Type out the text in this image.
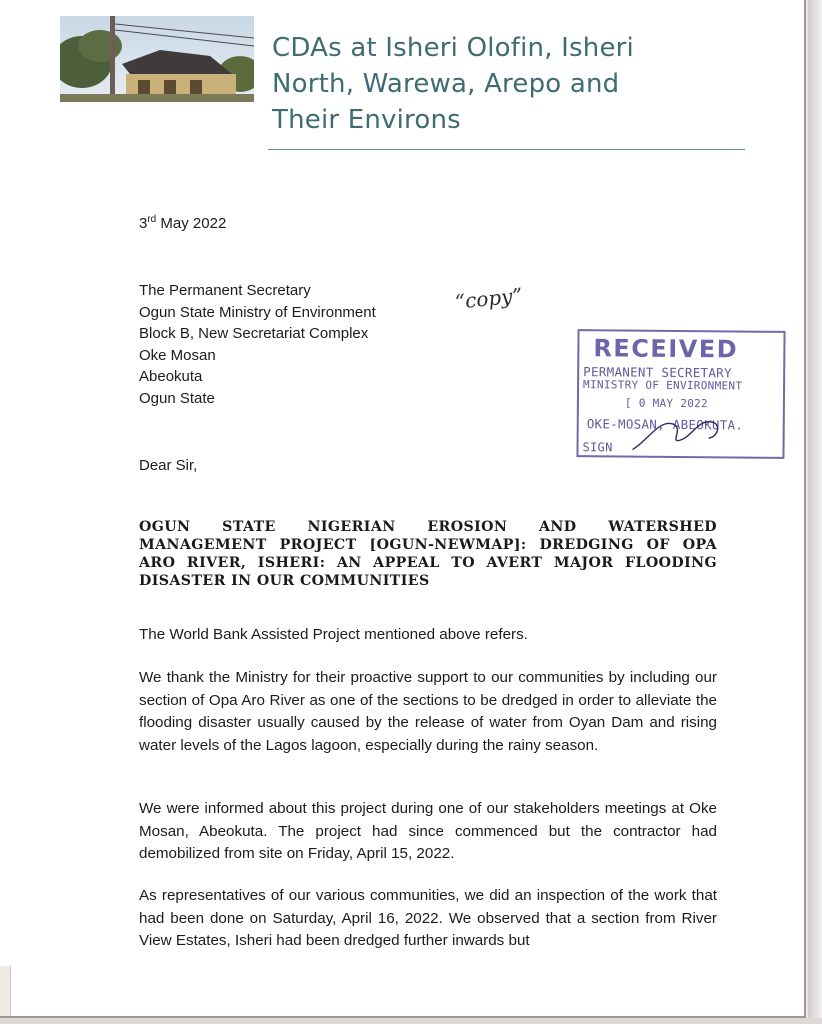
CDAs at Isheri Olofin, Isheri
North, Warewa, Arepo and
Their Environs
3rd May 2022
The Permanent Secretary
Ogun State Ministry of Environment
Block B, New Secretariat Complex
Oke Mosan
Abeokuta
Ogun State
“copy”
RECEIVED
PERMANENT SECRETARY
MINISTRY OF ENVIRONMENT
[ 0 MAY 2022
OKE-MOSAN, ABEOKUTA.
SIGN
Dear Sir,
OGUN STATE NIGERIAN EROSION AND WATERSHED MANAGEMENT PROJECT [OGUN-NEWMAP]: DREDGING OF OPA ARO RIVER, ISHERI: AN APPEAL TO AVERT MAJOR FLOODING DISASTER IN OUR COMMUNITIES
The World Bank Assisted Project mentioned above refers.
We thank the Ministry for their proactive support to our communities by including our section of Opa Aro River as one of the sections to be dredged in order to alleviate the flooding disaster usually caused by the release of water from Oyan Dam and rising water levels of the Lagos lagoon, especially during the rainy season.
We were informed about this project during one of our stakeholders meetings at Oke Mosan, Abeokuta. The project had since commenced but the contractor had demobilized from site on Friday, April 15, 2022.
As representatives of our various communities, we did an inspection of the work that had been done on Saturday, April 16, 2022. We observed that a section from River View Estates, Isheri had been dredged further inwards but
